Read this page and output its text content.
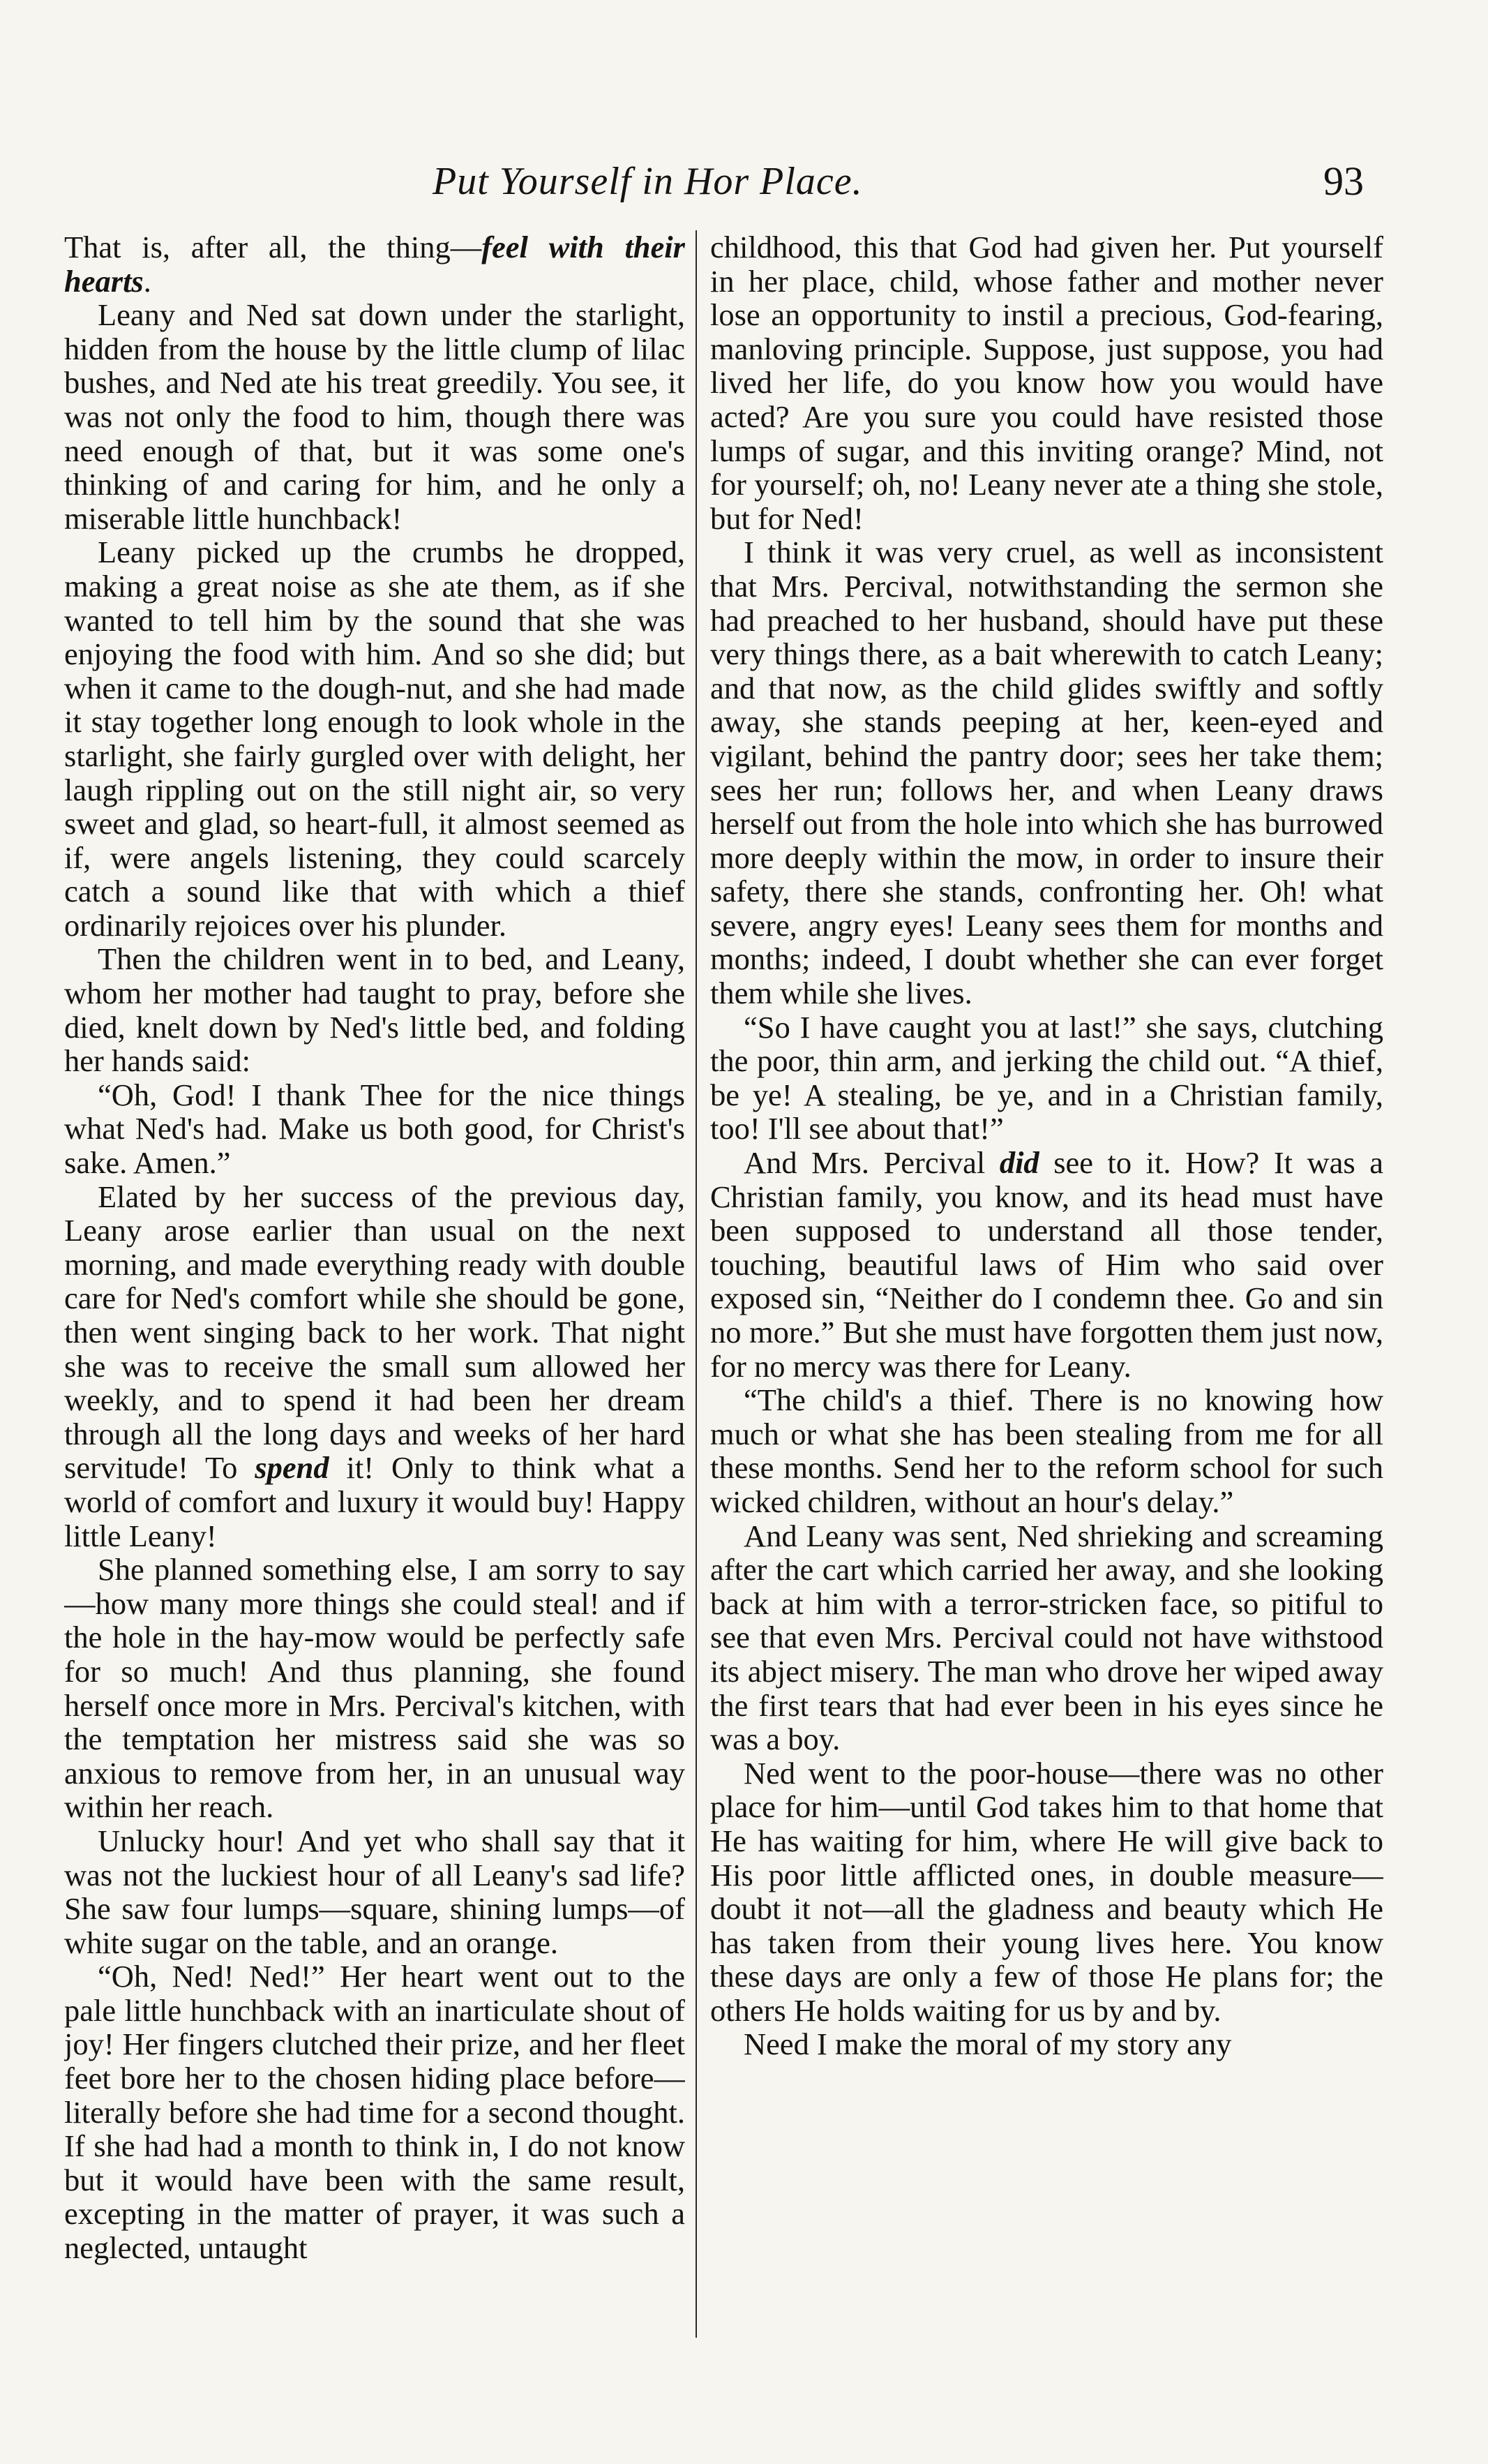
Put Yourself in Hor Place.	93

That is, after all, the thing—feel with their hearts.

Leany and Ned sat down under the starlight, hidden from the house by the little clump of lilac bushes, and Ned ate his treat greedily. You see, it was not only the food to him, though there was need enough of that, but it was some one's thinking of and caring for him, and he only a miserable little hunchback!

Leany picked up the crumbs he dropped, making a great noise as she ate them, as if she wanted to tell him by the sound that she was enjoying the food with him. And so she did; but when it came to the dough-nut, and she had made it stay together long enough to look whole in the starlight, she fairly gurgled over with delight, her laugh rippling out on the still night air, so very sweet and glad, so heart-full, it almost seemed as if, were angels listening, they could scarcely catch a sound like that with which a thief ordinarily rejoices over his plunder.

Then the children went in to bed, and Leany, whom her mother had taught to pray, before she died, knelt down by Ned's little bed, and folding her hands said:

“Oh, God! I thank Thee for the nice things what Ned's had. Make us both good, for Christ's sake. Amen.”

Elated by her success of the previous day, Leany arose earlier than usual on the next morning, and made everything ready with double care for Ned's comfort while she should be gone, then went singing back to her work. That night she was to receive the small sum allowed her weekly, and to spend it had been her dream through all the long days and weeks of her hard servitude! To spend it! Only to think what a world of comfort and luxury it would buy! Happy little Leany!

She planned something else, I am sorry to say—how many more things she could steal! and if the hole in the hay-mow would be perfectly safe for so much! And thus planning, she found herself once more in Mrs. Percival's kitchen, with the temptation her mistress said she was so anxious to remove from her, in an unusual way within her reach.

Unlucky hour! And yet who shall say that it was not the luckiest hour of all Leany's sad life? She saw four lumps—square, shining lumps—of white sugar on the table, and an orange.

“Oh, Ned! Ned!” Her heart went out to the pale little hunchback with an inarticulate shout of joy! Her fingers clutched their prize, and her fleet feet bore her to the chosen hiding place before—literally before she had time for a second thought. If she had had a month to think in, I do not know but it would have been with the same result, excepting in the matter of prayer, it was such a neglected, untaught

childhood, this that God had given her. Put yourself in her place, child, whose father and mother never lose an opportunity to instil a precious, God-fearing, manloving principle. Suppose, just suppose, you had lived her life, do you know how you would have acted? Are you sure you could have resisted those lumps of sugar, and this inviting orange? Mind, not for yourself; oh, no! Leany never ate a thing she stole, but for Ned!

I think it was very cruel, as well as inconsistent that Mrs. Percival, notwithstanding the sermon she had preached to her husband, should have put these very things there, as a bait wherewith to catch Leany; and that now, as the child glides swiftly and softly away, she stands peeping at her, keen-eyed and vigilant, behind the pantry door; sees her take them; sees her run; follows her, and when Leany draws herself out from the hole into which she has burrowed more deeply within the mow, in order to insure their safety, there she stands, confronting her. Oh! what severe, angry eyes! Leany sees them for months and months; indeed, I doubt whether she can ever forget them while she lives.

“So I have caught you at last!” she says, clutching the poor, thin arm, and jerking the child out. “A thief, be ye! A stealing, be ye, and in a Christian family, too! I'll see about that!”

And Mrs. Percival did see to it. How? It was a Christian family, you know, and its head must have been supposed to understand all those tender, touching, beautiful laws of Him who said over exposed sin, “Neither do I condemn thee. Go and sin no more.” But she must have forgotten them just now, for no mercy was there for Leany.

“The child's a thief. There is no knowing how much or what she has been stealing from me for all these months. Send her to the reform school for such wicked children, without an hour's delay.”

And Leany was sent, Ned shrieking and screaming after the cart which carried her away, and she looking back at him with a terror-stricken face, so pitiful to see that even Mrs. Percival could not have withstood its abject misery. The man who drove her wiped away the first tears that had ever been in his eyes since he was a boy.

Ned went to the poor-house—there was no other place for him—until God takes him to that home that He has waiting for him, where He will give back to His poor little afflicted ones, in double measure—doubt it not—all the gladness and beauty which He has taken from their young lives here. You know these days are only a few of those He plans for; the others He holds waiting for us by and by.

Need I make the moral of my story any
